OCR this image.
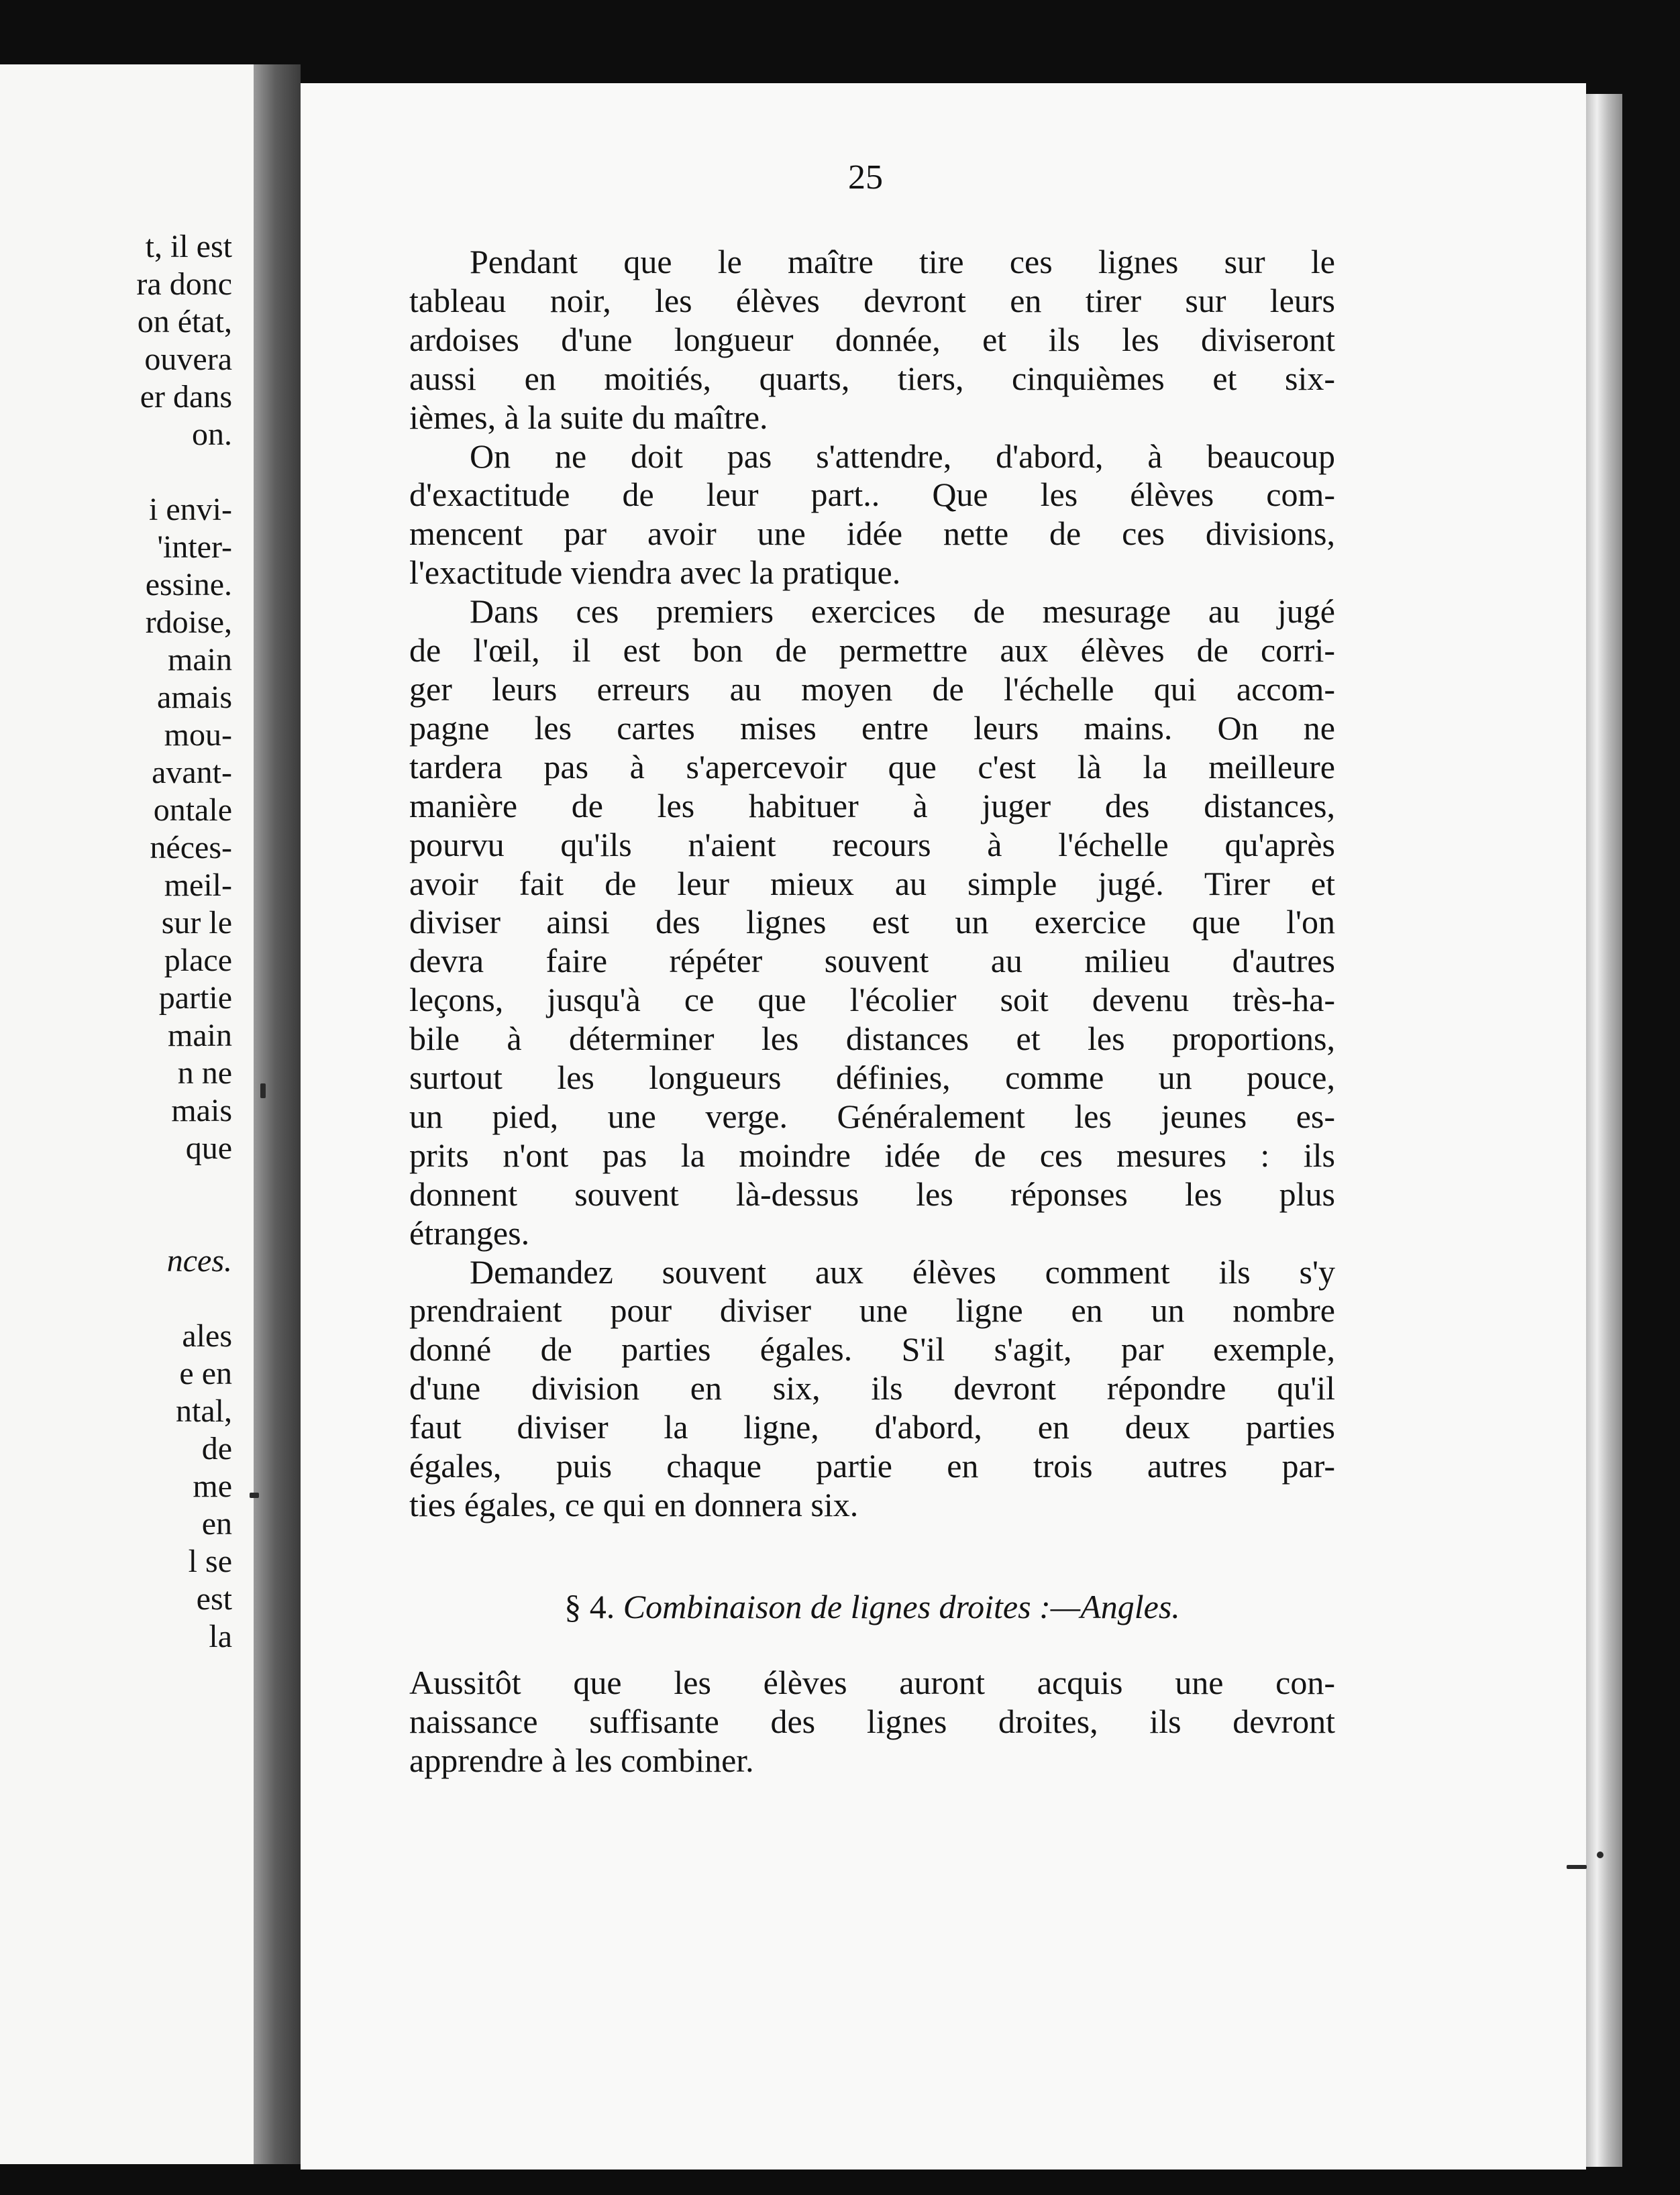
t, il est
ra donc
on état,
ouvera
er dans
on.
i envi-
'inter-
essine.
rdoise,
main
amais
mou-
avant-
ontale
néces-
meil-
sur le
place
partie
main
n ne
mais
que
nces.
ales
e en
ntal,
de
me
en
l se
est
la
25
Pendant que le maître tire ces lignes sur le
tableau noir, les élèves devront en tirer sur leurs
ardoises d'une longueur donnée, et ils les diviseront
aussi en moitiés, quarts, tiers, cinquièmes et six-
ièmes, à la suite du maître.
On ne doit pas s'attendre, d'abord, à beaucoup
d'exactitude de leur part.. Que les élèves com-
mencent par avoir une idée nette de ces divisions,
l'exactitude viendra avec la pratique.
Dans ces premiers exercices de mesurage au jugé
de l'œil, il est bon de permettre aux élèves de corri-
ger leurs erreurs au moyen de l'échelle qui accom-
pagne les cartes mises entre leurs mains. On ne
tardera pas à s'apercevoir que c'est là la meilleure
manière de les habituer à juger des distances,
pourvu qu'ils n'aient recours à l'échelle qu'après
avoir fait de leur mieux au simple jugé. Tirer et
diviser ainsi des lignes est un exercice que l'on
devra faire répéter souvent au milieu d'autres
leçons, jusqu'à ce que l'écolier soit devenu très-ha-
bile à déterminer les distances et les proportions,
surtout les longueurs définies, comme un pouce,
un pied, une verge. Généralement les jeunes es-
prits n'ont pas la moindre idée de ces mesures : ils
donnent souvent là-dessus les réponses les plus
étranges.
Demandez souvent aux élèves comment ils s'y
prendraient pour diviser une ligne en un nombre
donné de parties égales. S'il s'agit, par exemple,
d'une division en six, ils devront répondre qu'il
faut diviser la ligne, d'abord, en deux parties
égales, puis chaque partie en trois autres par-
ties égales, ce qui en donnera six.
§ 4. Combinaison de lignes droites :—Angles.
Aussitôt que les élèves auront acquis une con-
naissance suffisante des lignes droites, ils devront
apprendre à les combiner.
